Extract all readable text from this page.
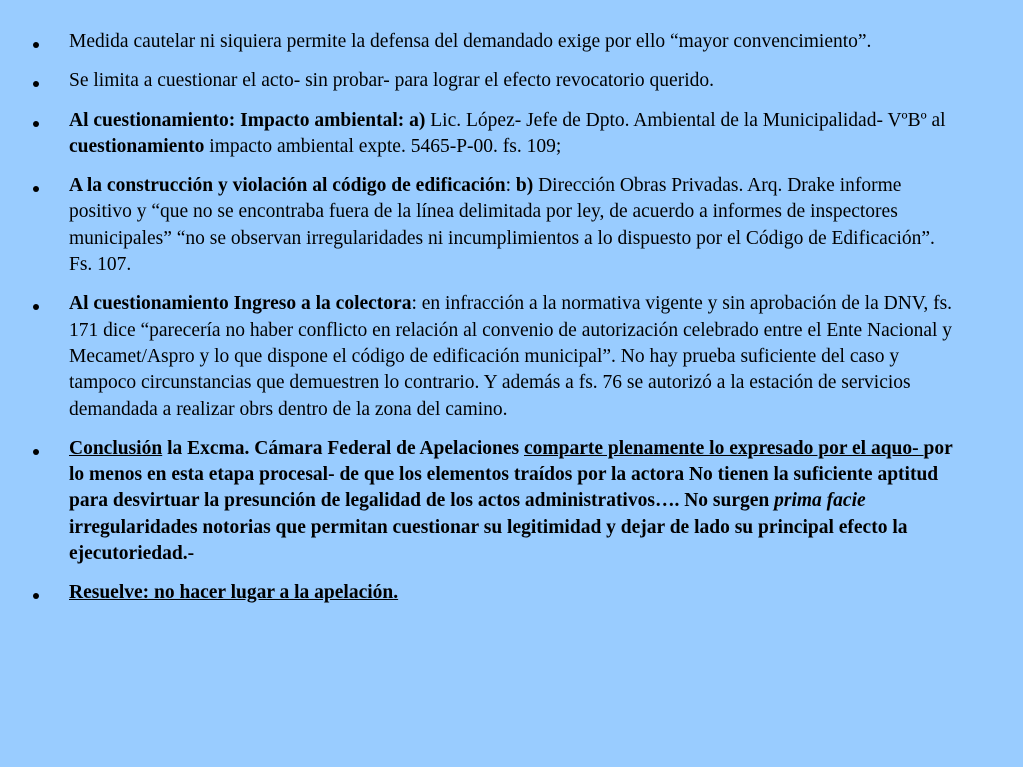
Medida cautelar ni siquiera permite la defensa del demandado exige por ello “mayor convencimiento”.
Se limita a cuestionar el acto- sin probar- para lograr el efecto revocatorio querido.
Al cuestionamiento: Impacto ambiental: a) Lic. López- Jefe de Dpto. Ambiental de la Municipalidad- VºBº al cuestionamiento impacto ambiental expte. 5465-P-00. fs. 109;
A la construcción y violación al código de edificación: b) Dirección Obras Privadas. Arq. Drake informe positivo y “que no se encontraba fuera de la línea delimitada por ley, de acuerdo a informes de inspectores municipales” “no se observan irregularidades ni incumplimientos a lo dispuesto por el Código de Edificación”. Fs. 107.
Al cuestionamiento Ingreso a la colectora: en infracción a la normativa vigente y sin aprobación de la DNV, fs. 171 dice “parecería no haber conflicto en relación al convenio de autorización celebrado entre el Ente Nacional y Mecamet/Aspro y lo que dispone el código de edificación municipal”. No hay prueba suficiente del caso y tampoco circunstancias que demuestren lo contrario. Y además a fs. 76 se autorizó a la estación de servicios demandada a realizar obrs dentro de la zona del camino.
Conclusión la Excma. Cámara Federal de Apelaciones comparte plenamente lo expresado por el aquo- por lo menos en esta etapa procesal- de que los elementos traídos por la actora No tienen la suficiente aptitud para desvirtuar la presunción de legalidad de los actos administrativos…. No surgen prima facie irregularidades notorias que permitan cuestionar su legitimidad y dejar de lado su principal efecto la ejecutoriedad.-
Resuelve: no hacer lugar a la apelación.
